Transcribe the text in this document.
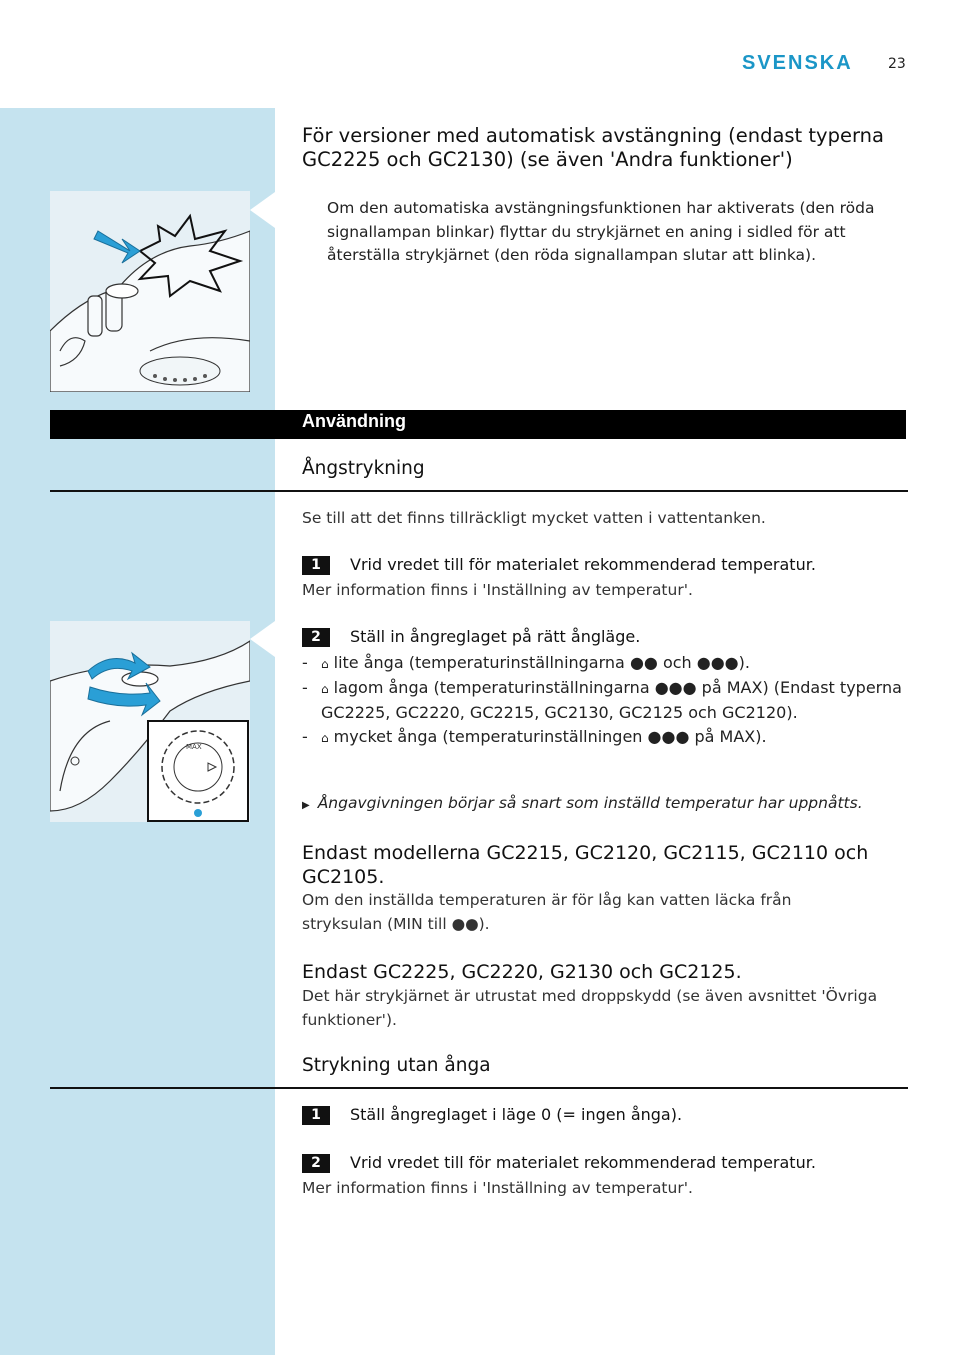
SVENSKA	23
För versioner med automatisk avstängning (endast typerna GC2225 och GC2130) (se även 'Andra funktioner')
Om den automatiska avstängningsfunktionen har aktiverats (den röda signallampan blinkar) flyttar du strykjärnet en aning i sidled för att återställa strykjärnet (den röda signallampan slutar att blinka).
Användning
Ångstrykning
Se till att det finns tillräckligt mycket vatten i vattentanken.
1 Vrid vredet till för materialet rekommenderad temperatur.
Mer information finns i 'Inställning av temperatur'.
MAX
2 Ställ in ångreglaget på rätt ångläge.
- ⌂ lite ånga (temperaturinställningarna ●● och ●●●).
- ⌂ lagom ånga (temperaturinställningarna ●●● på MAX) (Endast typerna GC2225, GC2220, GC2215, GC2130, GC2125 och GC2120).
- ⌂ mycket ånga (temperaturinställningen ●●● på MAX).
▶ Ångavgivningen börjar så snart som inställd temperatur har uppnåtts.
Endast modellerna GC2215, GC2120, GC2115, GC2110 och GC2105.
Om den inställda temperaturen är för låg kan vatten läcka från stryksulan (MIN till ●●).
Endast GC2225, GC2220, G2130 och GC2125.
Det här strykjärnet är utrustat med droppskydd (se även avsnittet 'Övriga funktioner').
Strykning utan ånga
1 Ställ ångreglaget i läge 0 (= ingen ånga).
2 Vrid vredet till för materialet rekommenderad temperatur.
Mer information finns i 'Inställning av temperatur'.
